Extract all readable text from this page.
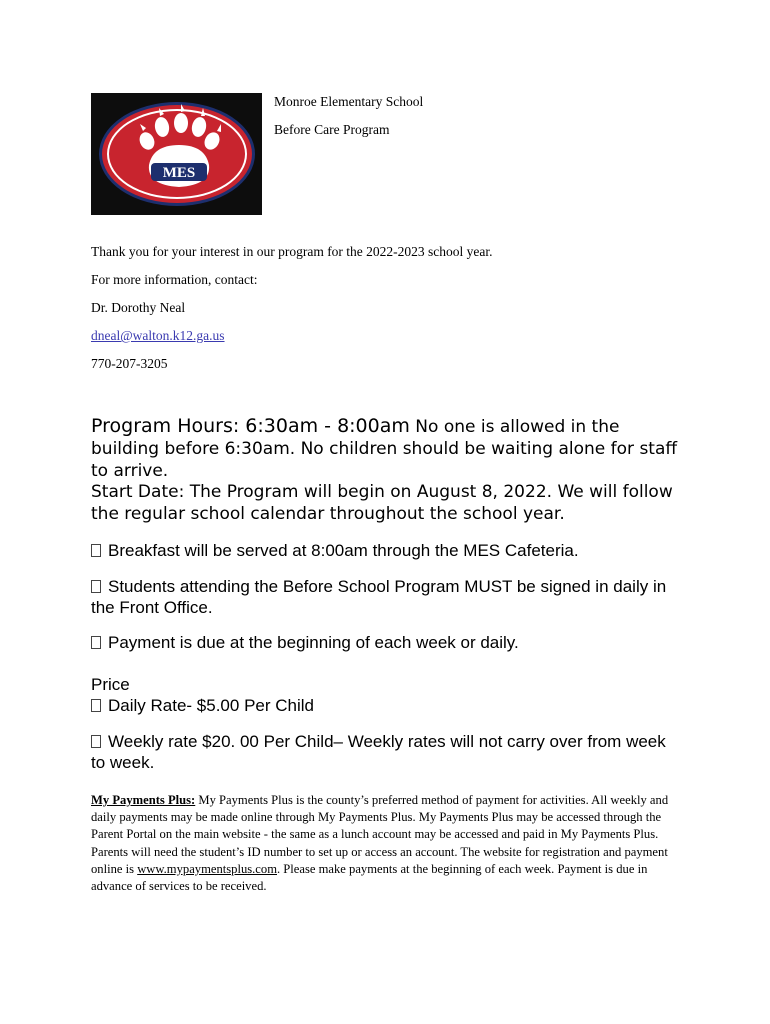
MES

Monroe Elementary School

Before Care Program

Thank you for your interest in our program for the 2022-2023 school year.

For more information, contact:

Dr. Dorothy Neal

dneal@walton.k12.ga.us

770-207-3205

Program Hours: 6:30am - 8:00am No one is allowed in the building before 6:30am. No children should be waiting alone for staff to arrive.

Start Date: The Program will begin on August 8, 2022. We will follow the regular school calendar throughout the school year.

Breakfast will be served at 8:00am through the MES Cafeteria.

Students attending the Before School Program MUST be signed in daily in the Front Office.

Payment is due at the beginning of each week or daily.

Price

Daily Rate- $5.00 Per Child

Weekly rate $20. 00 Per Child– Weekly rates will not carry over from week to week.

My Payments Plus: My Payments Plus is the county’s preferred method of payment for activities. All weekly and daily payments may be made online through My Payments Plus. My Payments Plus may be accessed through the Parent Portal on the main website - the same as a lunch account may be accessed and paid in My Payments Plus. Parents will need the student’s ID number to set up or access an account. The website for registration and payment online is www.mypaymentsplus.com. Please make payments at the beginning of each week. Payment is due in advance of services to be received.
